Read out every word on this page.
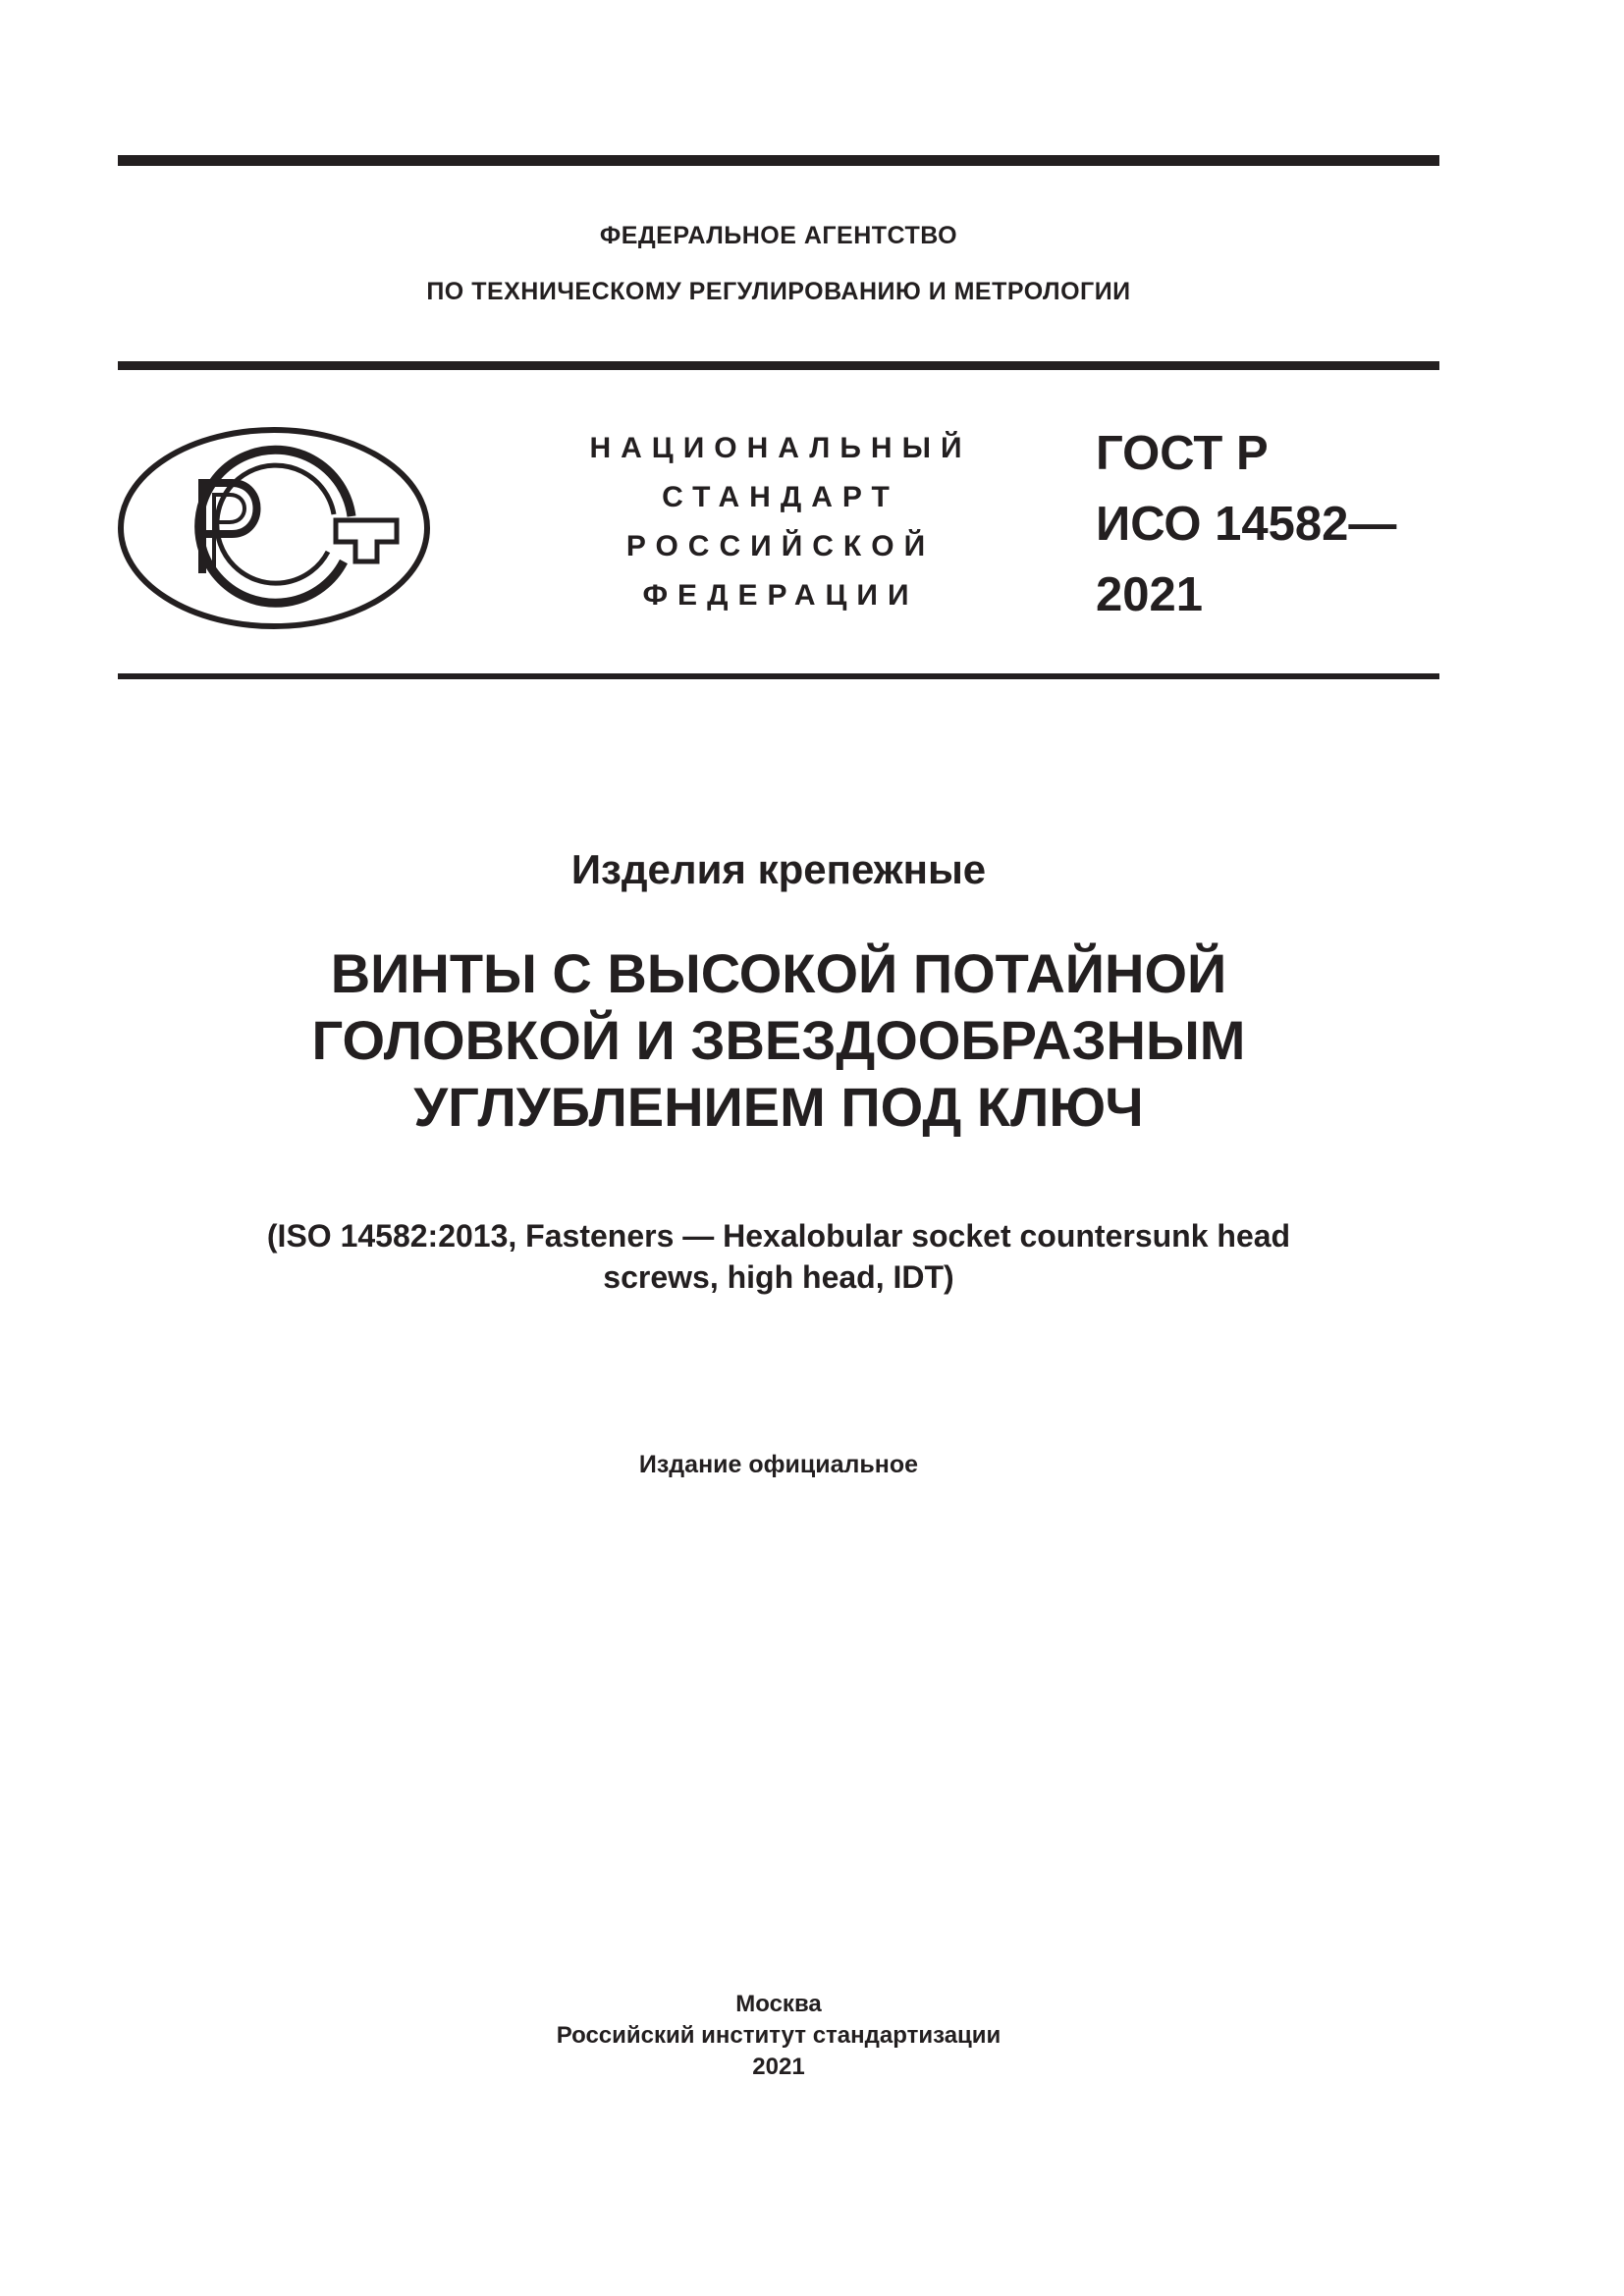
ФЕДЕРАЛЬНОЕ АГЕНТСТВО
ПО ТЕХНИЧЕСКОМУ РЕГУЛИРОВАНИЮ И МЕТРОЛОГИИ
НАЦИОНАЛЬНЫЙ
СТАНДАРТ
РОССИЙСКОЙ
ФЕДЕРАЦИИ
ГОСТ Р
ИСО 14582—
2021
Изделия крепежные
ВИНТЫ С ВЫСОКОЙ ПОТАЙНОЙ
ГОЛОВКОЙ И ЗВЕЗДООБРАЗНЫМ
УГЛУБЛЕНИЕМ ПОД КЛЮЧ
(ISO 14582:2013, Fasteners — Hexalobular socket countersunk head
screws, high head, IDT)
Издание официальное
Москва
Российский институт стандартизации
2021
